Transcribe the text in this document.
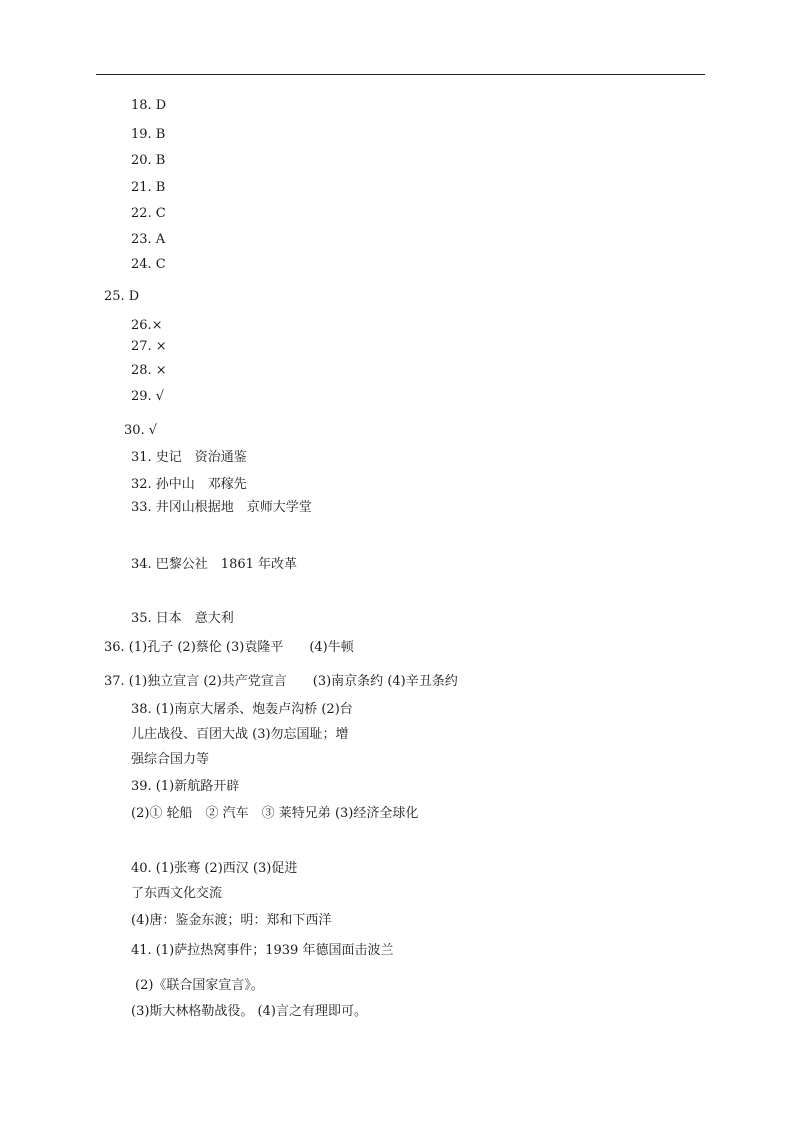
18. D
19. B
20. B
21. B
22. C
23. A
24. C
25. D
26.×
27. ×
28. ×
29. √
30. √
31. 史记　资治通鉴
32. 孙中山　邓稼先
33. 井冈山根据地　京师大学堂
34. 巴黎公社　1861 年改革
35. 日本　意大利
36. (1)孔子 (2)蔡伦 (3)袁隆平　　(4)牛顿
37. (1)独立宣言 (2)共产党宣言　　(3)南京条约 (4)辛丑条约
38. (1)南京大屠杀、炮轰卢沟桥 (2)台
儿庄战役、百团大战 (3)勿忘国耻；增
强综合国力等
39. (1)新航路开辟
(2)① 轮船　② 汽车　③ 莱特兄弟 (3)经济全球化
40. (1)张骞 (2)西汉 (3)促进
了东西文化交流
(4)唐：鉴金东渡；明：郑和下西洋
41. (1)萨拉热窝事件；1939 年德国面击波兰
(2)《联合国家宣言》。
(3)斯大林格勒战役。 (4)言之有理即可。
